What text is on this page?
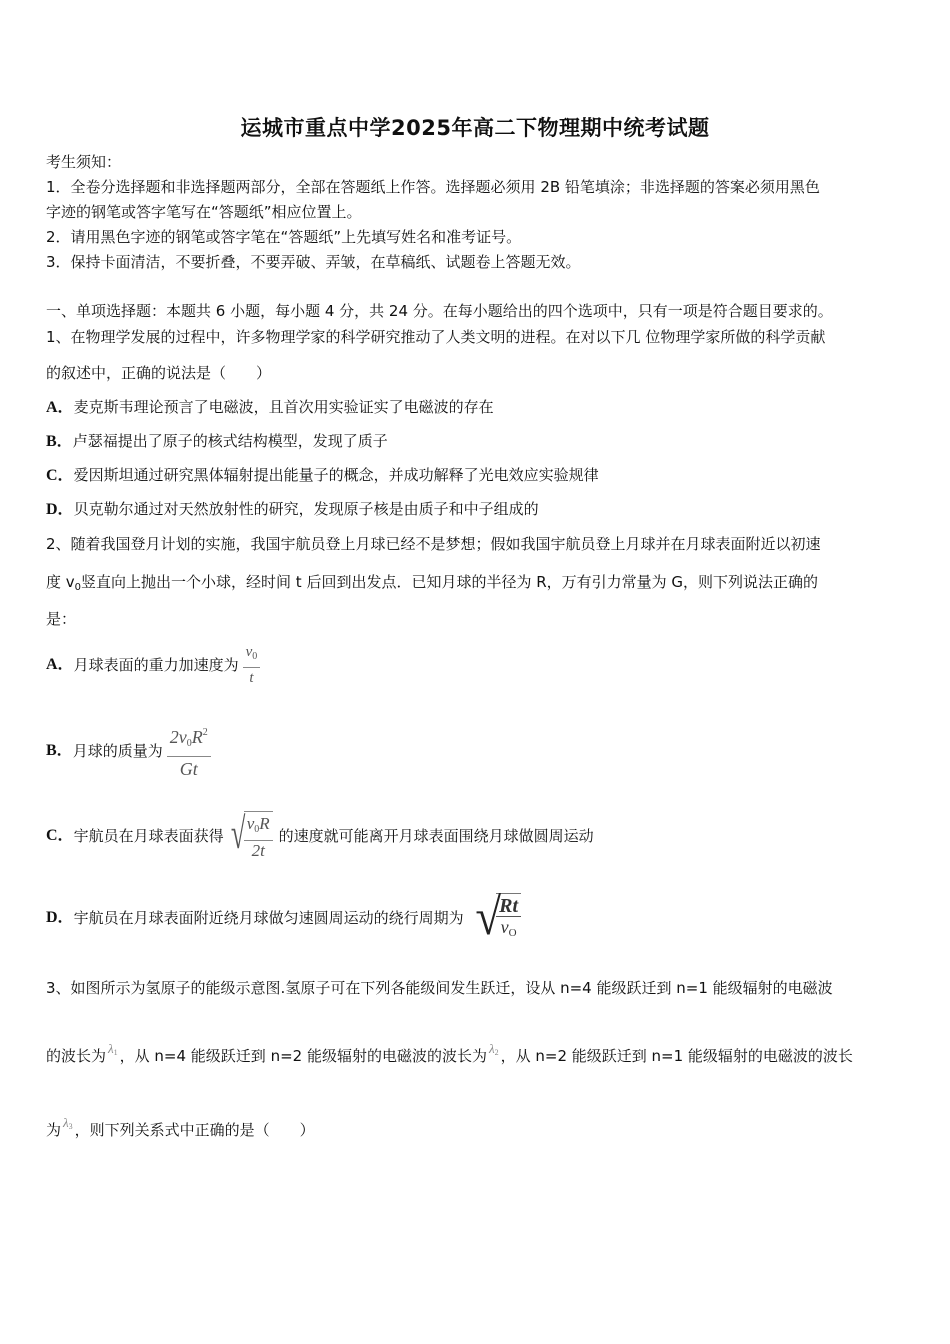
运城市重点中学2025年高二下物理期中统考试题
考生须知：
1．全卷分选择题和非选择题两部分，全部在答题纸上作答。选择题必须用 2B 铅笔填涂；非选择题的答案必须用黑色
字迹的钢笔或答字笔写在“答题纸”相应位置上。
2．请用黑色字迹的钢笔或答字笔在“答题纸”上先填写姓名和准考证号。
3．保持卡面清洁，不要折叠，不要弄破、弄皱，在草稿纸、试题卷上答题无效。
一、单项选择题：本题共 6 小题，每小题 4 分，共 24 分。在每小题给出的四个选项中，只有一项是符合题目要求的。
1、在物理学发展的过程中，许多物理学家的科学研究推动了人类文明的进程。在对以下几 位物理学家所做的科学贡献
的叙述中，正确的说法是（　　）
A．麦克斯韦理论预言了电磁波，且首次用实验证实了电磁波的存在
B．卢瑟福提出了原子的核式结构模型，发现了质子
C．爱因斯坦通过研究黑体辐射提出能量子的概念，并成功解释了光电效应实验规律
D．贝克勒尔通过对天然放射性的研究，发现原子核是由质子和中子组成的
2、随着我国登月计划的实施，我国宇航员登上月球已经不是梦想；假如我国宇航员登上月球并在月球表面附近以初速
度 $v_0$竖直向上抛出一个小球，经时间 t 后回到出发点．已知月球的半径为 R，万有引力常量为 G，则下列说法正确的
是：
A． 月球表面的重力加速度为 $\frac{v_0}{t}$
B． 月球的质量为 $\frac{2v_0R^2}{Gt}$
C． 宇航员在月球表面获得 √
$\frac{v_0R}{2t}$ 的速度就可能离开月球表面围绕月球做圆周运动
D． 宇航员在月球表面附近绕月球做匀速圆周运动的绕行周期为 √
$\frac{Rt}{v_O}$
3、如图所示为氢原子的能级示意图.氢原子可在下列各能级间发生跃迁，设从 n=4 能级跃迁到 n=1 能级辐射的电磁波
的波长为 $\lambda_1$ ，从 n=4 能级跃迁到 n=2 能级辐射的电磁波的波长为 $\lambda_2$ ，从 n=2 能级跃迁到 n=1 能级辐射的电磁波的波长
为 $\lambda_3$ ，则下列关系式中正确的是（　　）
